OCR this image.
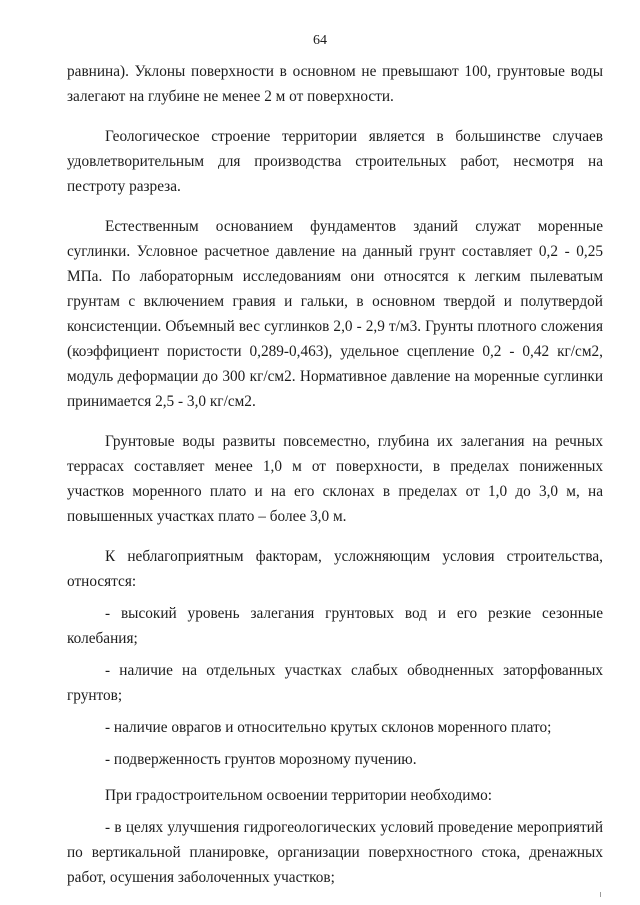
64

равнина). Уклоны поверхности в основном не превышают 100, грунтовые воды залегают на глубине не менее 2 м от поверхности.

Геологическое строение территории является в большинстве случаев удовлетворительным для производства строительных работ, несмотря на пестроту разреза.

Естественным основанием фундаментов зданий служат моренные суглинки. Условное расчетное давление на данный грунт составляет 0,2 - 0,25 МПа. По лабораторным исследованиям они относятся к легким пылеватым грунтам с включением гравия и гальки, в основном твердой и полутвердой консистенции. Объемный вес суглинков 2,0 - 2,9 т/м3. Грунты плотного сложения (коэффициент пористости 0,289-0,463), удельное сцепление 0,2 - 0,42 кг/см2, модуль деформации до 300 кг/см2. Нормативное давление на моренные суглинки принимается 2,5 - 3,0 кг/см2.

Грунтовые воды развиты повсеместно, глубина их залегания на речных террасах составляет менее 1,0 м от поверхности, в пределах пониженных участков моренного плато и на его склонах в пределах от 1,0 до 3,0 м, на повышенных участках плато – более 3,0 м.

К неблагоприятным факторам, усложняющим условия строительства, относятся:

- высокий уровень залегания грунтовых вод и его резкие сезонные колебания;

- наличие на отдельных участках слабых обводненных заторфованных грунтов;

- наличие оврагов и относительно крутых склонов моренного плато;

- подверженность грунтов морозному пучению.

При градостроительном освоении территории необходимо:

- в целях улучшения гидрогеологических условий проведение мероприятий по вертикальной планировке, организации поверхностного стока, дренажных работ, осушения заболоченных участков;
